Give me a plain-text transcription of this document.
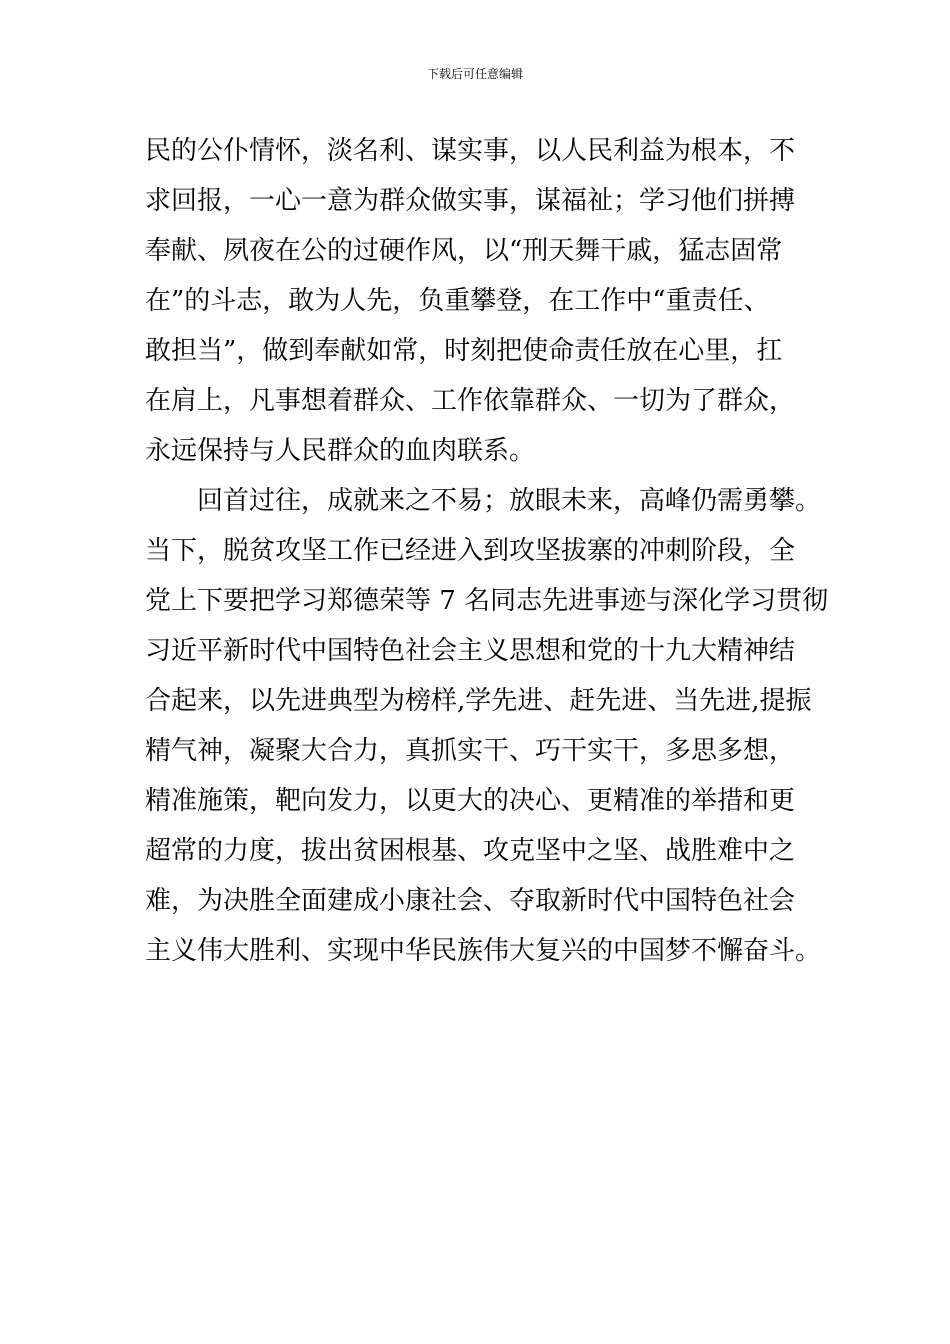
下载后可任意编辑
民的公仆情怀，淡名利、谋实事，以人民利益为根本，不
求回报，一心一意为群众做实事，谋福祉；学习他们拼搏
奉献、夙夜在公的过硬作风，以“刑天舞干戚，猛志固常
在”的斗志，敢为人先，负重攀登，在工作中“重责任、
敢担当”，做到奉献如常，时刻把使命责任放在心里，扛
在肩上，凡事想着群众、工作依靠群众、一切为了群众，
永远保持与人民群众的血肉联系。
回首过往，成就来之不易；放眼未来，高峰仍需勇攀。
当下，脱贫攻坚工作已经进入到攻坚拔寨的冲刺阶段，全
党上下要把学习郑德荣等 7 名同志先进事迹与深化学习贯彻
习近平新时代中国特色社会主义思想和党的十九大精神结
合起来，以先进典型为榜样,学先进、赶先进、当先进,提振
精气神，凝聚大合力，真抓实干、巧干实干，多思多想，
精准施策，靶向发力，以更大的决心、更精准的举措和更
超常的力度，拔出贫困根基、攻克坚中之坚、战胜难中之
难，为决胜全面建成小康社会、夺取新时代中国特色社会
主义伟大胜利、实现中华民族伟大复兴的中国梦不懈奋斗。
